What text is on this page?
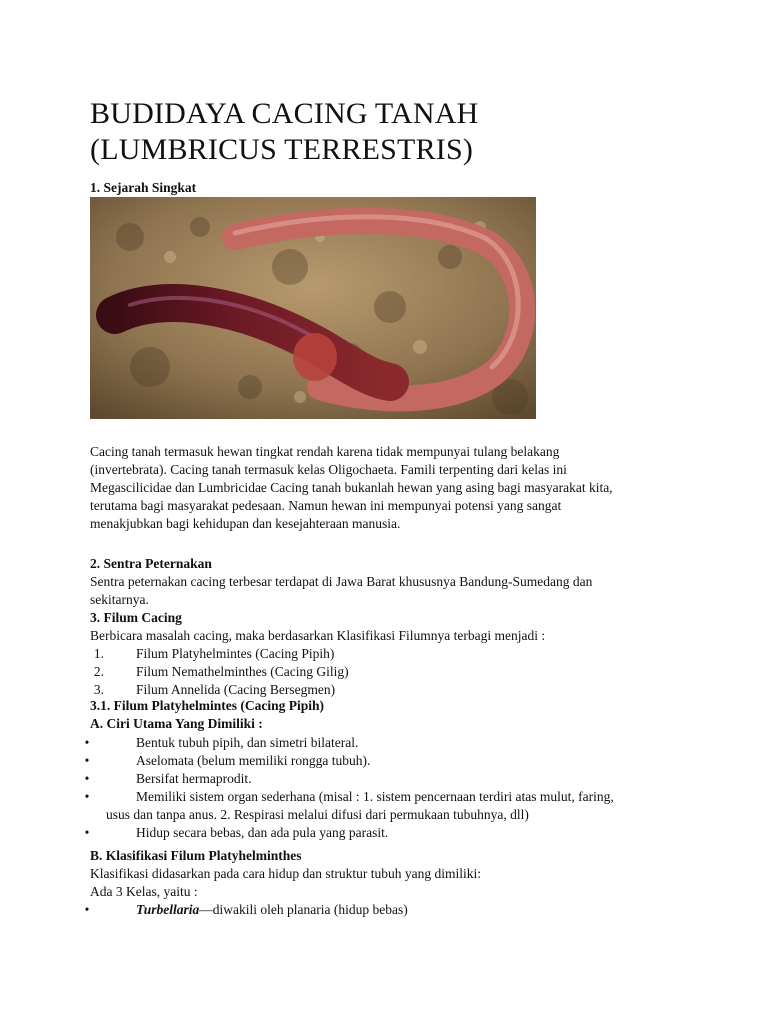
BUDIDAYA CACING TANAH
(LUMBRICUS TERRESTRIS)
1. Sejarah Singkat
Cacing tanah termasuk hewan tingkat rendah karena tidak mempunyai tulang belakang
(invertebrata). Cacing tanah termasuk kelas Oligochaeta. Famili terpenting dari kelas ini
Megascilicidae dan Lumbricidae Cacing tanah bukanlah hewan yang asing bagi masyarakat kita,
terutama bagi masyarakat pedesaan. Namun hewan ini mempunyai potensi yang sangat
menakjubkan bagi kehidupan dan kesejahteraan manusia.
2. Sentra Peternakan
Sentra peternakan cacing terbesar terdapat di Jawa Barat khususnya Bandung-Sumedang dan
sekitarnya.
3. Filum Cacing
Berbicara masalah cacing, maka berdasarkan Klasifikasi Filumnya terbagi menjadi :
1. Filum Platyhelmintes (Cacing Pipih)
2. Filum Nemathelminthes (Cacing Gilig)
3. Filum Annelida (Cacing Bersegmen)
3.1. Filum Platyhelmintes (Cacing Pipih)
A. Ciri Utama Yang Dimiliki :
•	Bentuk tubuh pipih, dan simetri bilateral.
•	Aselomata (belum memiliki rongga tubuh).
•	Bersifat hermaprodit.
•	Memiliki sistem organ sederhana (misal : 1. sistem pencernaan terdiri atas mulut, faring,
usus dan tanpa anus. 2. Respirasi melalui difusi dari permukaan tubuhnya, dll)
•	Hidup secara bebas, dan ada pula yang parasit.
B. Klasifikasi Filum Platyhelminthes
Klasifikasi didasarkan pada cara hidup dan struktur tubuh yang dimiliki:
Ada 3 Kelas, yaitu :
•	Turbellaria—diwakili oleh planaria (hidup bebas)
